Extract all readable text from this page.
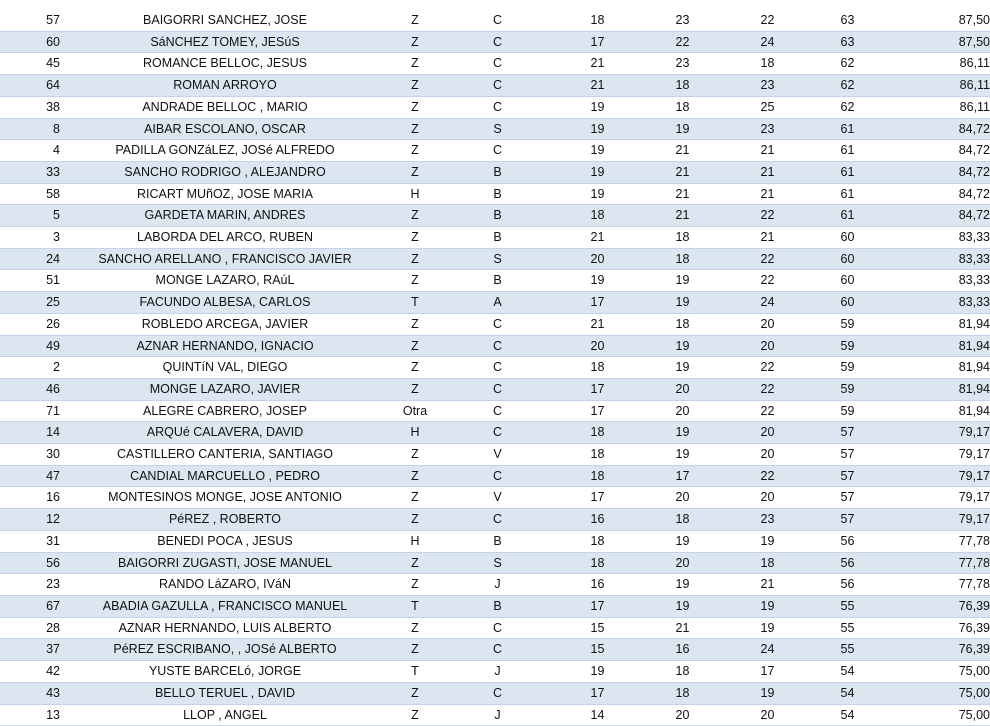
57	BAIGORRI SANCHEZ, JOSE	Z	C	18	23	22	63	87,50
60	SáNCHEZ TOMEY, JESúS	Z	C	17	22	24	63	87,50
45	ROMANCE BELLOC, JESUS	Z	C	21	23	18	62	86,11
64	ROMAN ARROYO	Z	C	21	18	23	62	86,11
38	ANDRADE BELLOC , MARIO	Z	C	19	18	25	62	86,11
8	AIBAR ESCOLANO, OSCAR	Z	S	19	19	23	61	84,72
4	PADILLA GONZáLEZ, JOSé ALFREDO	Z	C	19	21	21	61	84,72
33	SANCHO RODRIGO , ALEJANDRO	Z	B	19	21	21	61	84,72
58	RICART MUñOZ, JOSE MARIA	H	B	19	21	21	61	84,72
5	GARDETA MARIN, ANDRES	Z	B	18	21	22	61	84,72
3	LABORDA DEL ARCO, RUBEN	Z	B	21	18	21	60	83,33
24	SANCHO ARELLANO , FRANCISCO JAVIER	Z	S	20	18	22	60	83,33
51	MONGE LAZARO, RAúL	Z	B	19	19	22	60	83,33
25	FACUNDO ALBESA, CARLOS	T	A	17	19	24	60	83,33
26	ROBLEDO ARCEGA, JAVIER	Z	C	21	18	20	59	81,94
49	AZNAR HERNANDO, IGNACIO	Z	C	20	19	20	59	81,94
2	QUINTíN VAL, DIEGO	Z	C	18	19	22	59	81,94
46	MONGE LAZARO, JAVIER	Z	C	17	20	22	59	81,94
71	ALEGRE CABRERO, JOSEP	Otra	C	17	20	22	59	81,94
14	ARQUé CALAVERA, DAVID	H	C	18	19	20	57	79,17
30	CASTILLERO CANTERIA, SANTIAGO	Z	V	18	19	20	57	79,17
47	CANDIAL MARCUELLO , PEDRO	Z	C	18	17	22	57	79,17
16	MONTESINOS MONGE, JOSE ANTONIO	Z	V	17	20	20	57	79,17
12	PéREZ , ROBERTO	Z	C	16	18	23	57	79,17
31	BENEDI POCA , JESUS	H	B	18	19	19	56	77,78
56	BAIGORRI ZUGASTI, JOSE MANUEL	Z	S	18	20	18	56	77,78
23	RANDO LáZARO, IVáN	Z	J	16	19	21	56	77,78
67	ABADIA GAZULLA , FRANCISCO MANUEL	T	B	17	19	19	55	76,39
28	AZNAR HERNANDO, LUIS ALBERTO	Z	C	15	21	19	55	76,39
37	PéREZ ESCRIBANO, , JOSé ALBERTO	Z	C	15	16	24	55	76,39
42	YUSTE BARCELó, JORGE	T	J	19	18	17	54	75,00
43	BELLO TERUEL , DAVID	Z	C	17	18	19	54	75,00
13	LLOP , ANGEL	Z	J	14	20	20	54	75,00
